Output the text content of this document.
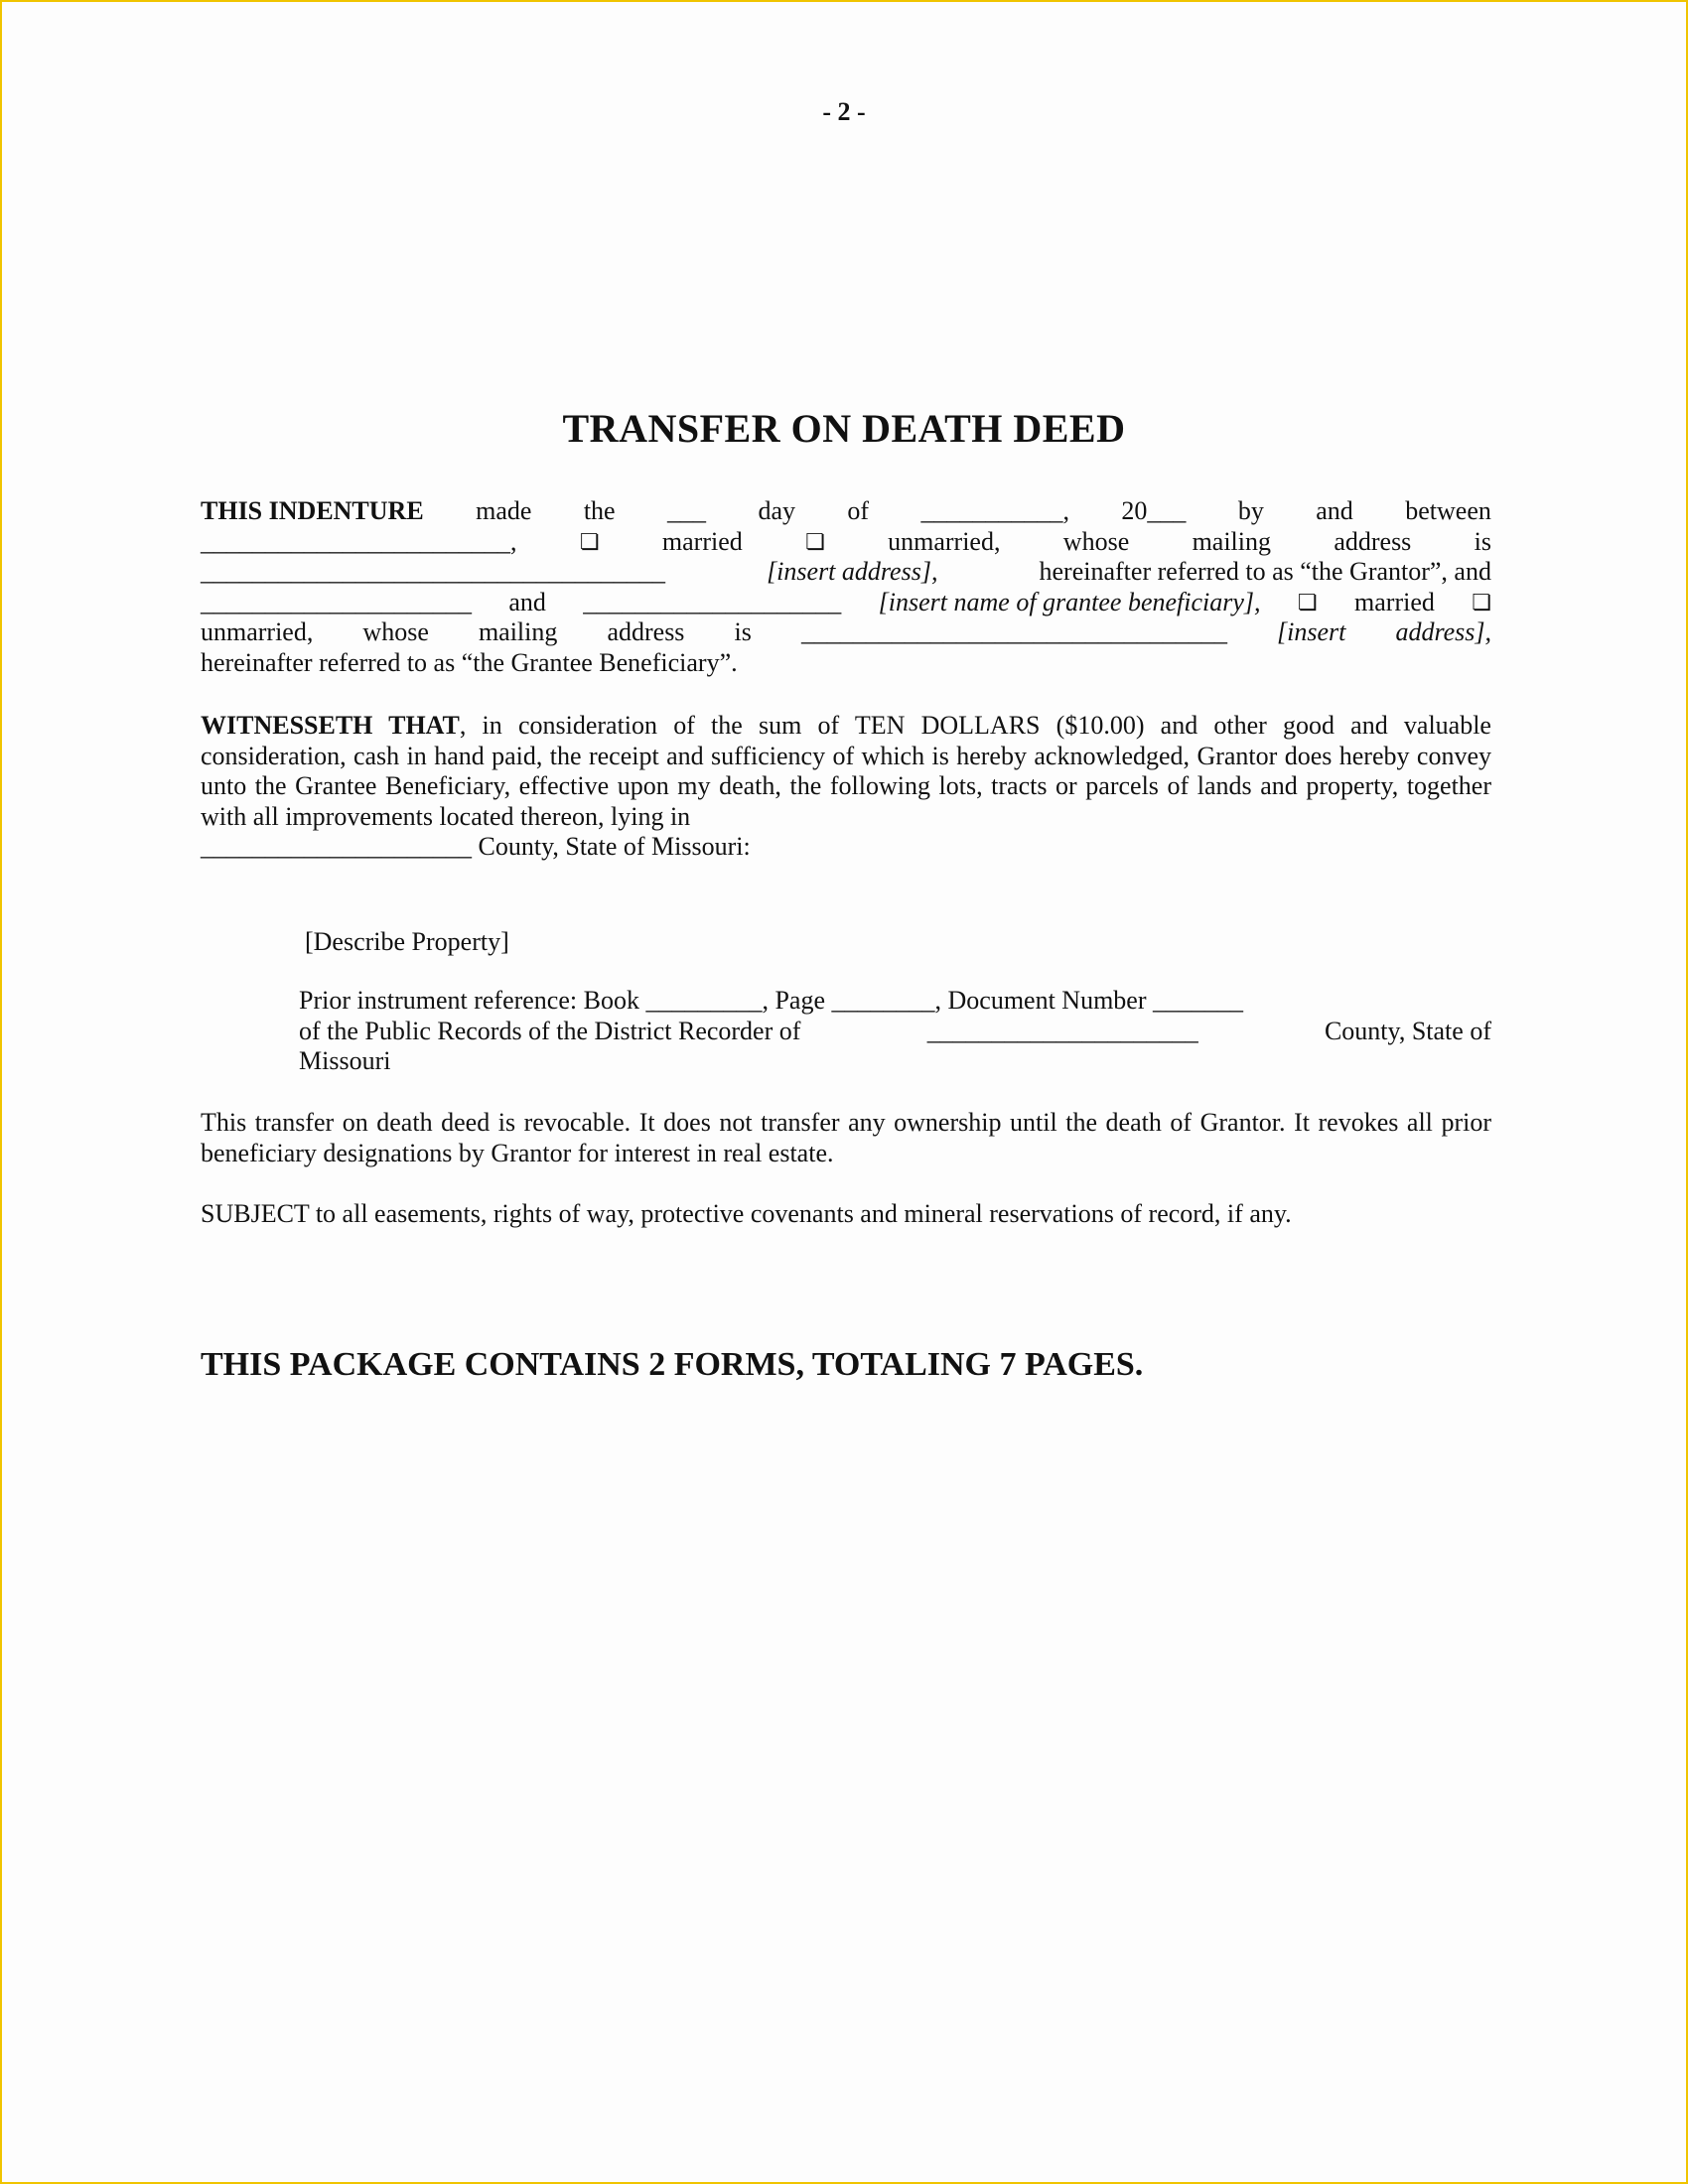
- 2 -
TRANSFER ON DEATH DEED
THIS INDENTURE made the ___ day of ___________, 20___ by and between
________________________,	❏ married	❏ unmarried, whose mailing address is
____________________________________	[insert address],	hereinafter referred to as “the Grantor”, and
_____________________ and ____________________ [insert name of grantee beneficiary], ❏ married ❏
unmarried, whose mailing address is _________________________________ [insert address],
hereinafter referred to as “the Grantee Beneficiary”.
WITNESSETH THAT, in consideration of the sum of TEN DOLLARS ($10.00) and other good and valuable consideration, cash in hand paid, the receipt and sufficiency of which is hereby acknowledged, Grantor does hereby convey unto the Grantee Beneficiary, effective upon my death, the following lots, tracts or parcels of lands and property, together with all improvements located thereon, lying in
_____________________ County, State of Missouri:
[Describe Property]
Prior instrument reference: Book _________, Page ________, Document Number _______
of the Public Records of the District Recorder of	_____________________	County, State of
Missouri
This transfer on death deed is revocable. It does not transfer any ownership until the death of Grantor. It revokes all prior beneficiary designations by Grantor for interest in real estate.
SUBJECT to all easements, rights of way, protective covenants and mineral reservations of record, if any.
THIS PACKAGE CONTAINS 2 FORMS, TOTALING 7 PAGES.
